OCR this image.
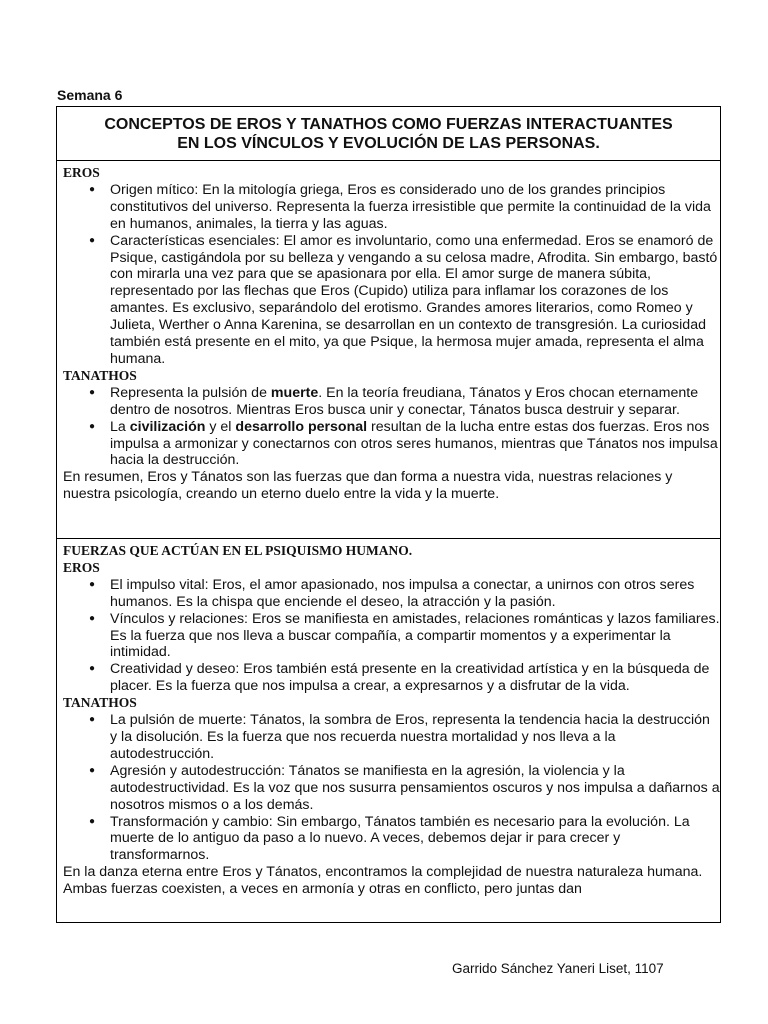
Semana 6

CONCEPTOS DE EROS Y TANATHOS COMO FUERZAS INTERACTUANTES
EN LOS VÍNCULOS Y EVOLUCIÓN DE LAS PERSONAS.

EROS

● Origen mítico: En la mitología griega, Eros es considerado uno de los grandes principios constitutivos del universo. Representa la fuerza irresistible que permite la continuidad de la vida en humanos, animales, la tierra y las aguas.
● Características esenciales: El amor es involuntario, como una enfermedad. Eros se enamoró de Psique, castigándola por su belleza y vengando a su celosa madre, Afrodita. Sin embargo, bastó con mirarla una vez para que se apasionara por ella. El amor surge de manera súbita, representado por las flechas que Eros (Cupido) utiliza para inflamar los corazones de los amantes. Es exclusivo, separándolo del erotismo. Grandes amores literarios, como Romeo y Julieta, Werther o Anna Karenina, se desarrollan en un contexto de transgresión. La curiosidad también está presente en el mito, ya que Psique, la hermosa mujer amada, representa el alma humana.

TANATHOS

● Representa la pulsión de muerte. En la teoría freudiana, Tánatos y Eros chocan eternamente dentro de nosotros. Mientras Eros busca unir y conectar, Tánatos busca destruir y separar.
● La civilización y el desarrollo personal resultan de la lucha entre estas dos fuerzas. Eros nos impulsa a armonizar y conectarnos con otros seres humanos, mientras que Tánatos nos impulsa hacia la destrucción.

En resumen, Eros y Tánatos son las fuerzas que dan forma a nuestra vida, nuestras relaciones y nuestra psicología, creando un eterno duelo entre la vida y la muerte.

FUERZAS QUE ACTÚAN EN EL PSIQUISMO HUMANO.

EROS

● El impulso vital: Eros, el amor apasionado, nos impulsa a conectar, a unirnos con otros seres humanos. Es la chispa que enciende el deseo, la atracción y la pasión.
● Vínculos y relaciones: Eros se manifiesta en amistades, relaciones románticas y lazos familiares. Es la fuerza que nos lleva a buscar compañía, a compartir momentos y a experimentar la intimidad.
● Creatividad y deseo: Eros también está presente en la creatividad artística y en la búsqueda de placer. Es la fuerza que nos impulsa a crear, a expresarnos y a disfrutar de la vida.

TANATHOS

● La pulsión de muerte: Tánatos, la sombra de Eros, representa la tendencia hacia la destrucción y la disolución. Es la fuerza que nos recuerda nuestra mortalidad y nos lleva a la autodestrucción.
● Agresión y autodestrucción: Tánatos se manifiesta en la agresión, la violencia y la autodestructividad. Es la voz que nos susurra pensamientos oscuros y nos impulsa a dañarnos a nosotros mismos o a los demás.
● Transformación y cambio: Sin embargo, Tánatos también es necesario para la evolución. La muerte de lo antiguo da paso a lo nuevo. A veces, debemos dejar ir para crecer y transformarnos.

En la danza eterna entre Eros y Tánatos, encontramos la complejidad de nuestra naturaleza humana. Ambas fuerzas coexisten, a veces en armonía y otras en conflicto, pero juntas dan

Garrido Sánchez Yaneri Liset, 1107
